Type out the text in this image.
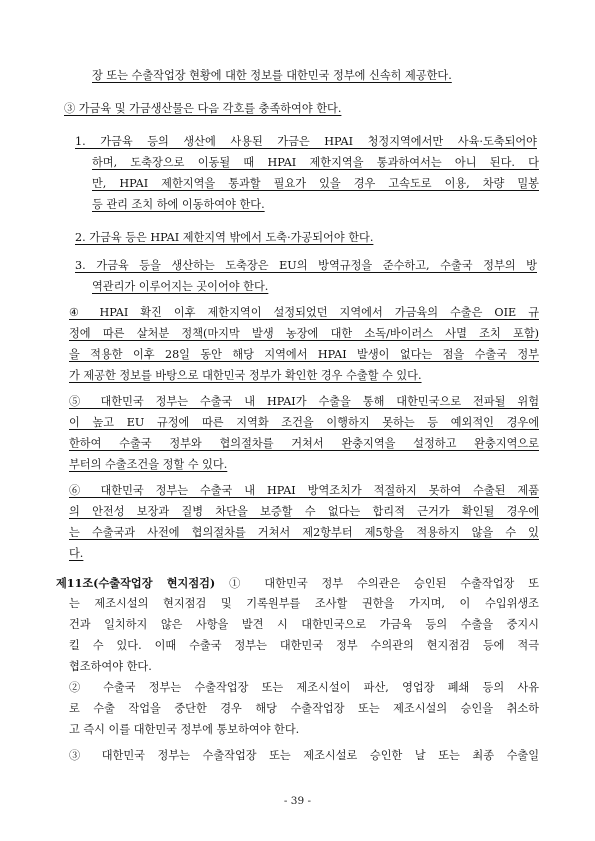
장 또는 수출작업장 현황에 대한 정보를 대한민국 정부에 신속히 제공한다.
③ 가금육 및 가금생산물은 다음 각호를 충족하여야 한다.
1. 가금육 등의 생산에 사용된 가금은 HPAI 청정지역에서만 사육·도축되어야
하며, 도축장으로 이동될 때 HPAI 제한지역을 통과하여서는 아니 된다. 다
만, HPAI 제한지역을 통과할 필요가 있을 경우 고속도로 이용, 차량 밀봉
등 관리 조치 하에 이동하여야 한다.
2. 가금육 등은 HPAI 제한지역 밖에서 도축·가공되어야 한다.
3. 가금육 등을 생산하는 도축장은 EU의 방역규정을 준수하고, 수출국 정부의 방
역관리가 이루어지는 곳이어야 한다.
④ HPAI 확진 이후 제한지역이 설정되었던 지역에서 가금육의 수출은 OIE 규
정에 따른 살처분 정책(마지막 발생 농장에 대한 소독/바이러스 사멸 조치 포함)
을 적용한 이후 28일 동안 해당 지역에서 HPAI 발생이 없다는 점을 수출국 정부
가 제공한 정보를 바탕으로 대한민국 정부가 확인한 경우 수출할 수 있다.
⑤ 대한민국 정부는 수출국 내 HPAI가 수출을 통해 대한민국으로 전파될 위험
이 높고 EU 규정에 따른 지역화 조건을 이행하지 못하는 등 예외적인 경우에
한하여 수출국 정부와 협의절차를 거쳐서 완충지역을 설정하고 완충지역으로
부터의 수출조건을 정할 수 있다.
⑥ 대한민국 정부는 수출국 내 HPAI 방역조치가 적절하지 못하여 수출된 제품
의 안전성 보장과 질병 차단을 보증할 수 없다는 합리적 근거가 확인될 경우에
는 수출국과 사전에 협의절차를 거쳐서 제2항부터 제5항을 적용하지 않을 수 있
다.
제11조(수출작업장 현지점검) ① 대한민국 정부 수의관은 승인된 수출작업장 또
는 제조시설의 현지점검 및 기록원부를 조사할 권한을 가지며, 이 수입위생조
건과 일치하지 않은 사항을 발견 시 대한민국으로 가금육 등의 수출을 중지시
킬 수 있다. 이때 수출국 정부는 대한민국 정부 수의관의 현지점검 등에 적극
협조하여야 한다.
② 수출국 정부는 수출작업장 또는 제조시설이 파산, 영업장 폐쇄 등의 사유
로 수출 작업을 중단한 경우 해당 수출작업장 또는 제조시설의 승인을 취소하
고 즉시 이를 대한민국 정부에 통보하여야 한다.
③ 대한민국 정부는 수출작업장 또는 제조시설로 승인한 날 또는 최종 수출일
- 39 -
